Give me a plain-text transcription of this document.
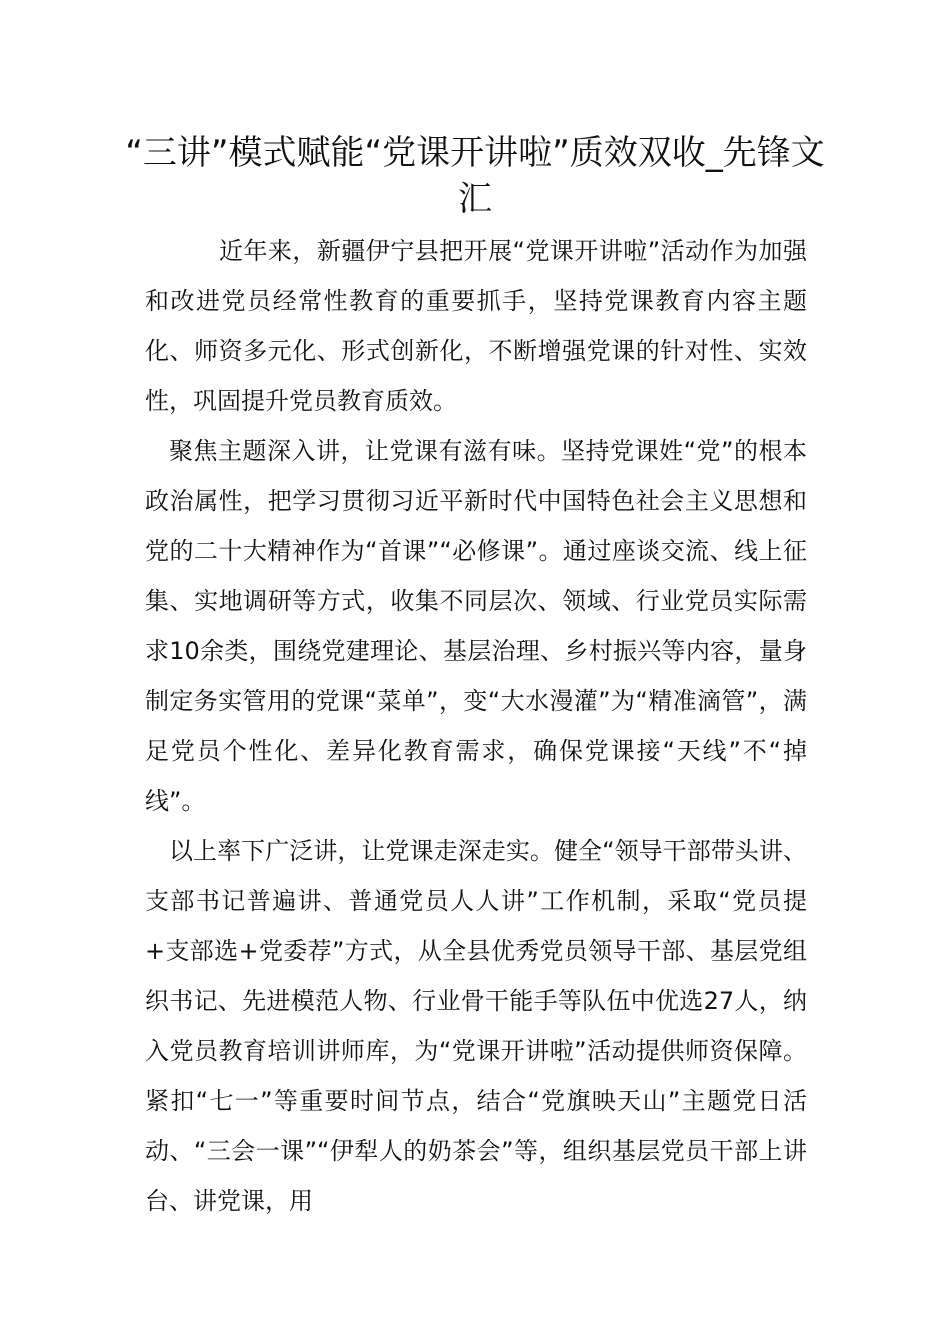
“三讲”模式赋能“党课开讲啦”质效双收_先锋文汇

近年来，新疆伊宁县把开展“党课开讲啦”活动作为加强和改进党员经常性教育的重要抓手，坚持党课教育内容主题化、师资多元化、形式创新化，不断增强党课的针对性、实效性，巩固提升党员教育质效。

聚焦主题深入讲，让党课有滋有味。坚持党课姓“党”的根本政治属性，把学习贯彻习近平新时代中国特色社会主义思想和党的二十大精神作为“首课”“必修课”。通过座谈交流、线上征集、实地调研等方式，收集不同层次、领域、行业党员实际需求10余类，围绕党建理论、基层治理、乡村振兴等内容，量身制定务实管用的党课“菜单”，变“大水漫灌”为“精准滴管”，满足党员个性化、差异化教育需求，确保党课接“天线”不“掉线”。

以上率下广泛讲，让党课走深走实。健全“领导干部带头讲、支部书记普遍讲、普通党员人人讲”工作机制，采取“党员提+支部选+党委荐”方式，从全县优秀党员领导干部、基层党组织书记、先进模范人物、行业骨干能手等队伍中优选27人，纳入党员教育培训讲师库，为“党课开讲啦”活动提供师资保障。紧扣“七一”等重要时间节点，结合“党旗映天山”主题党日活动、“三会一课”“伊犁人的奶茶会”等，组织基层党员干部上讲台、讲党课，用
